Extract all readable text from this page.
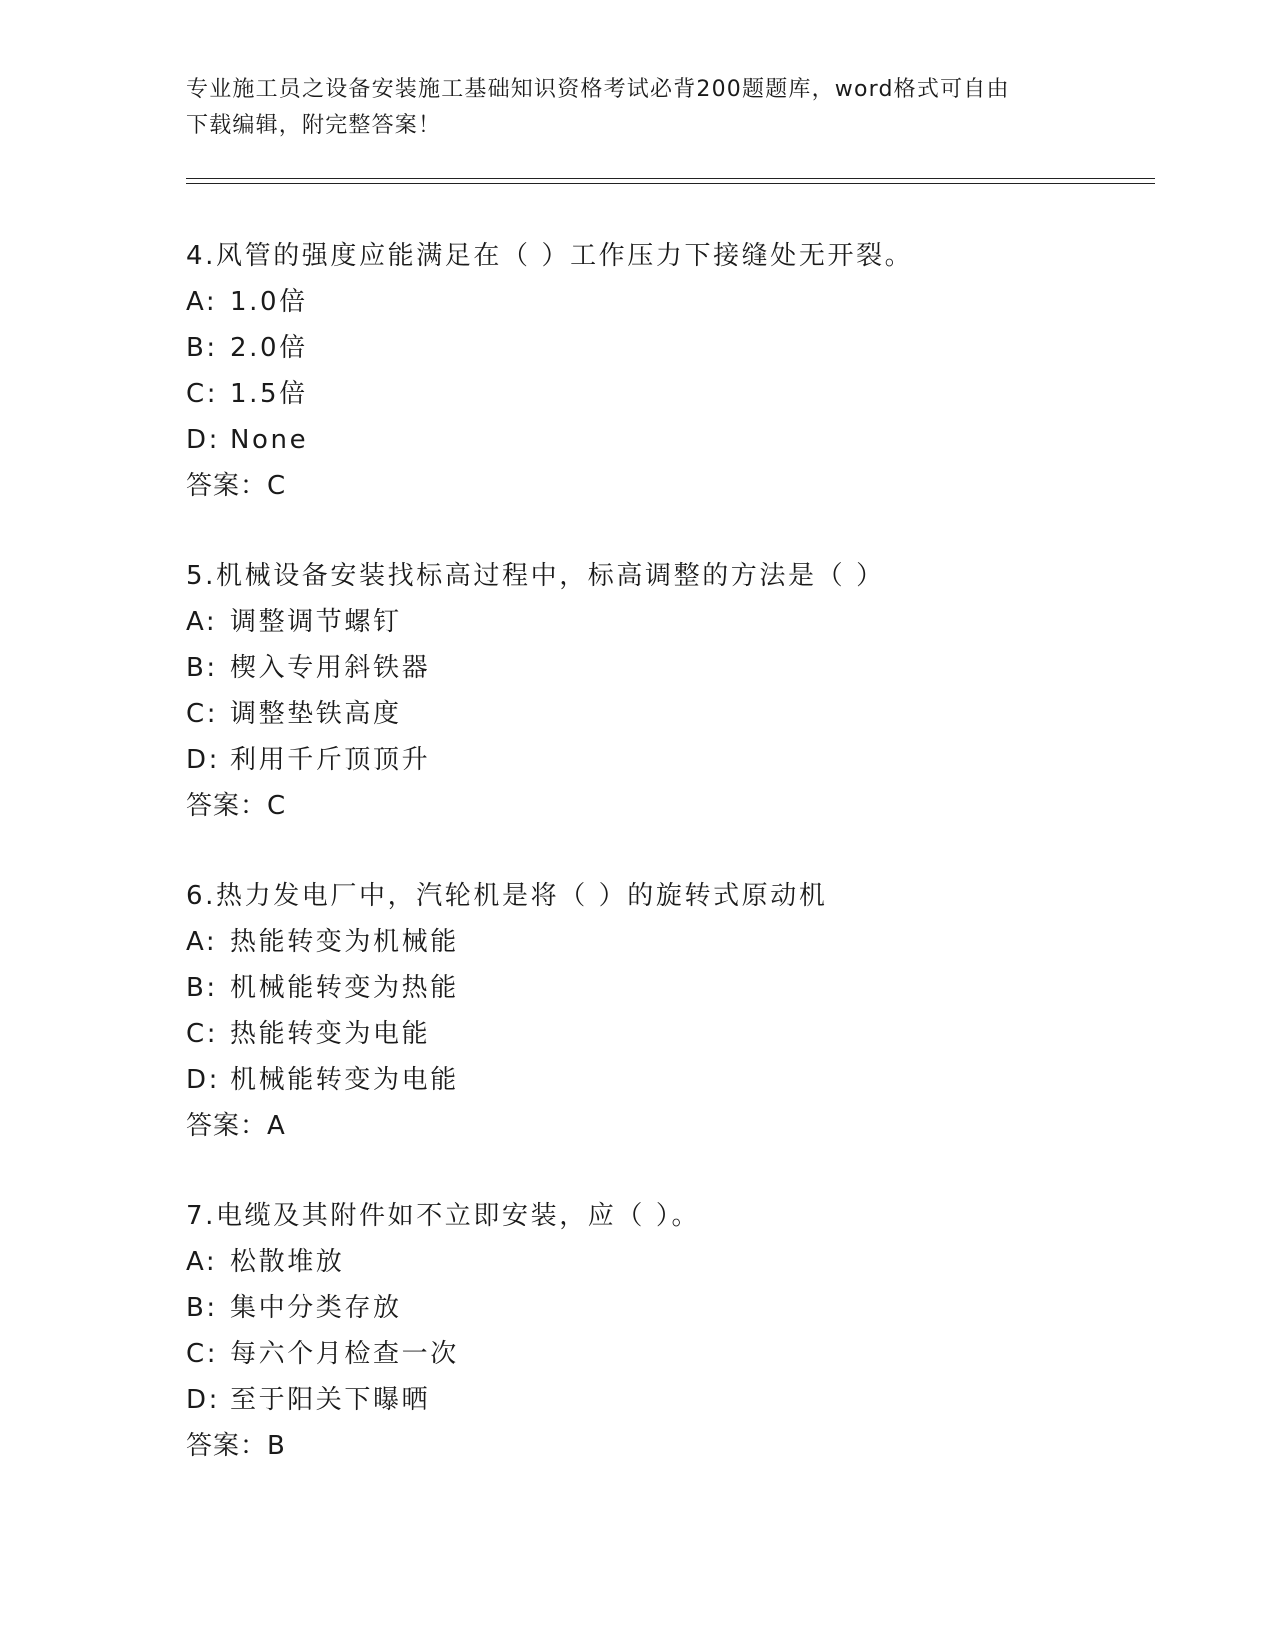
专业施工员之设备安装施工基础知识资格考试必背200题题库，word格式可自由
下载编辑，附完整答案！
4.风管的强度应能满足在（ ）工作压力下接缝处无开裂。
A: 1.0倍
B: 2.0倍
C: 1.5倍
D: None
答案：C
5.机械设备安装找标高过程中，标高调整的方法是（ ）
A: 调整调节螺钉
B: 楔入专用斜铁器
C: 调整垫铁高度
D: 利用千斤顶顶升
答案：C
6.热力发电厂中，汽轮机是将（ ）的旋转式原动机
A: 热能转变为机械能
B: 机械能转变为热能
C: 热能转变为电能
D: 机械能转变为电能
答案：A
7.电缆及其附件如不立即安装，应（ ）。
A: 松散堆放
B: 集中分类存放
C: 每六个月检查一次
D: 至于阳关下曝晒
答案：B
